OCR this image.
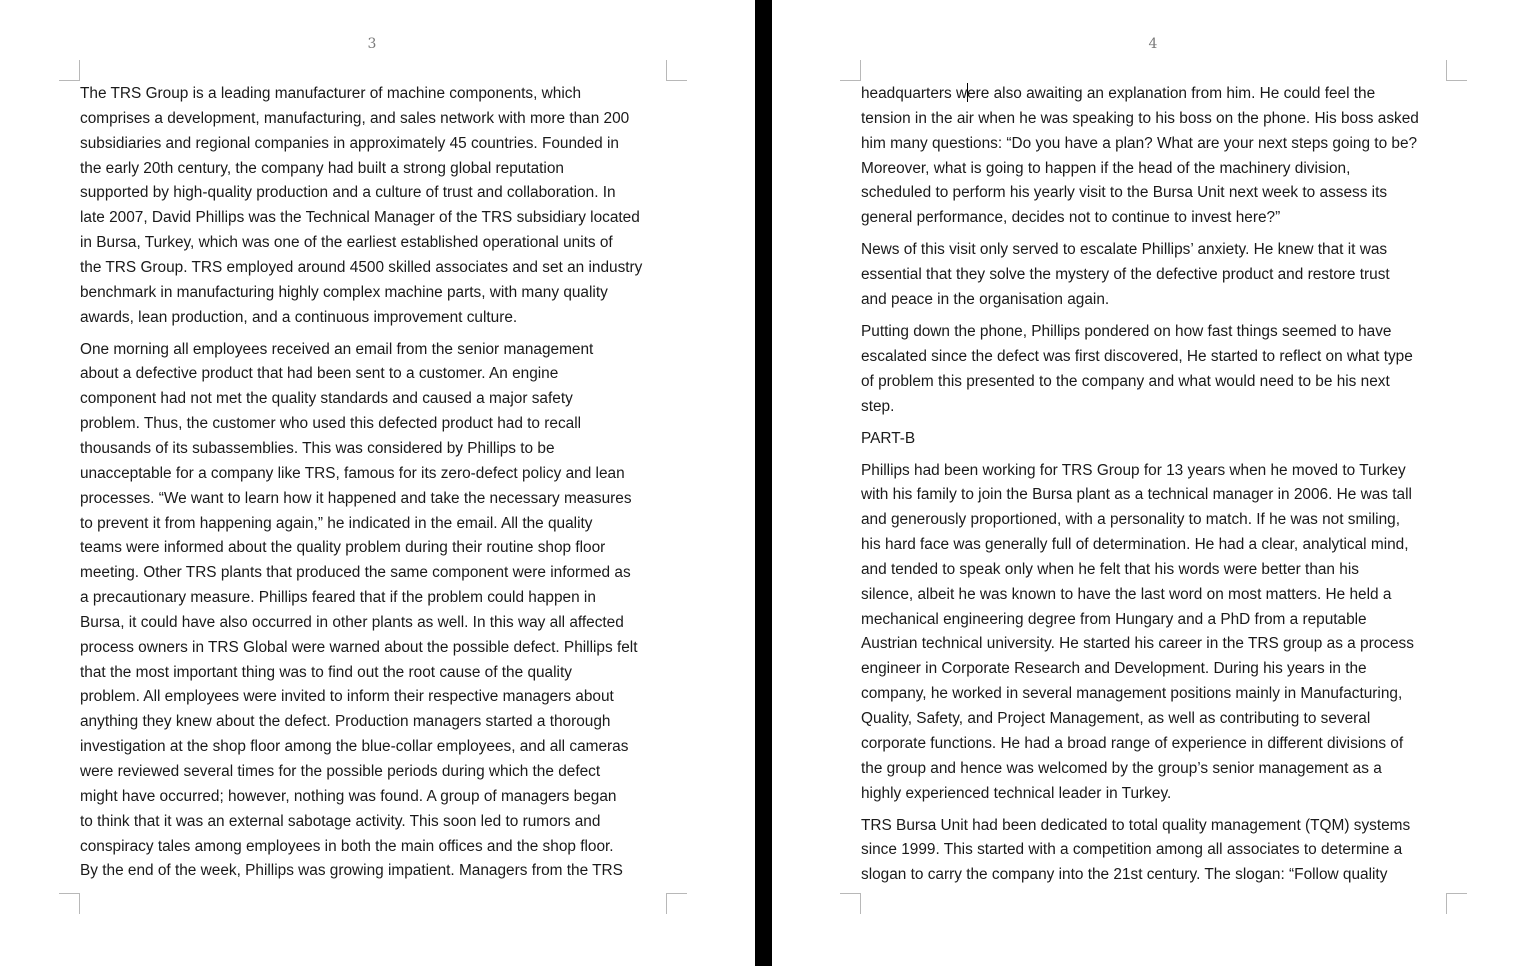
3

The TRS Group is a leading manufacturer of machine components, which
comprises a development, manufacturing, and sales network with more than 200
subsidiaries and regional companies in approximately 45 countries. Founded in
the early 20th century, the company had built a strong global reputation
supported by high-quality production and a culture of trust and collaboration. In
late 2007, David Phillips was the Technical Manager of the TRS subsidiary located
in Bursa, Turkey, which was one of the earliest established operational units of
the TRS Group. TRS employed around 4500 skilled associates and set an industry
benchmark in manufacturing highly complex machine parts, with many quality
awards, lean production, and a continuous improvement culture.

One morning all employees received an email from the senior management
about a defective product that had been sent to a customer. An engine
component had not met the quality standards and caused a major safety
problem. Thus, the customer who used this defected product had to recall
thousands of its subassemblies. This was considered by Phillips to be
unacceptable for a company like TRS, famous for its zero-defect policy and lean
processes. “We want to learn how it happened and take the necessary measures
to prevent it from happening again,” he indicated in the email. All the quality
teams were informed about the quality problem during their routine shop floor
meeting. Other TRS plants that produced the same component were informed as
a precautionary measure. Phillips feared that if the problem could happen in
Bursa, it could have also occurred in other plants as well. In this way all affected
process owners in TRS Global were warned about the possible defect. Phillips felt
that the most important thing was to find out the root cause of the quality
problem. All employees were invited to inform their respective managers about
anything they knew about the defect. Production managers started a thorough
investigation at the shop floor among the blue-collar employees, and all cameras
were reviewed several times for the possible periods during which the defect
might have occurred; however, nothing was found. A group of managers began
to think that it was an external sabotage activity. This soon led to rumors and
conspiracy tales among employees in both the main offices and the shop floor.
By the end of the week, Phillips was growing impatient. Managers from the TRS

4

headquarters were also awaiting an explanation from him. He could feel the
tension in the air when he was speaking to his boss on the phone. His boss asked
him many questions: “Do you have a plan? What are your next steps going to be?
Moreover, what is going to happen if the head of the machinery division,
scheduled to perform his yearly visit to the Bursa Unit next week to assess its
general performance, decides not to continue to invest here?”

News of this visit only served to escalate Phillips’ anxiety. He knew that it was
essential that they solve the mystery of the defective product and restore trust
and peace in the organisation again.

Putting down the phone, Phillips pondered on how fast things seemed to have
escalated since the defect was first discovered, He started to reflect on what type
of problem this presented to the company and what would need to be his next
step.

PART-B

Phillips had been working for TRS Group for 13 years when he moved to Turkey
with his family to join the Bursa plant as a technical manager in 2006. He was tall
and generously proportioned, with a personality to match. If he was not smiling,
his hard face was generally full of determination. He had a clear, analytical mind,
and tended to speak only when he felt that his words were better than his
silence, albeit he was known to have the last word on most matters. He held a
mechanical engineering degree from Hungary and a PhD from a reputable
Austrian technical university. He started his career in the TRS group as a process
engineer in Corporate Research and Development. During his years in the
company, he worked in several management positions mainly in Manufacturing,
Quality, Safety, and Project Management, as well as contributing to several
corporate functions. He had a broad range of experience in different divisions of
the group and hence was welcomed by the group’s senior management as a
highly experienced technical leader in Turkey.

TRS Bursa Unit had been dedicated to total quality management (TQM) systems
since 1999. This started with a competition among all associates to determine a
slogan to carry the company into the 21st century. The slogan: “Follow quality
